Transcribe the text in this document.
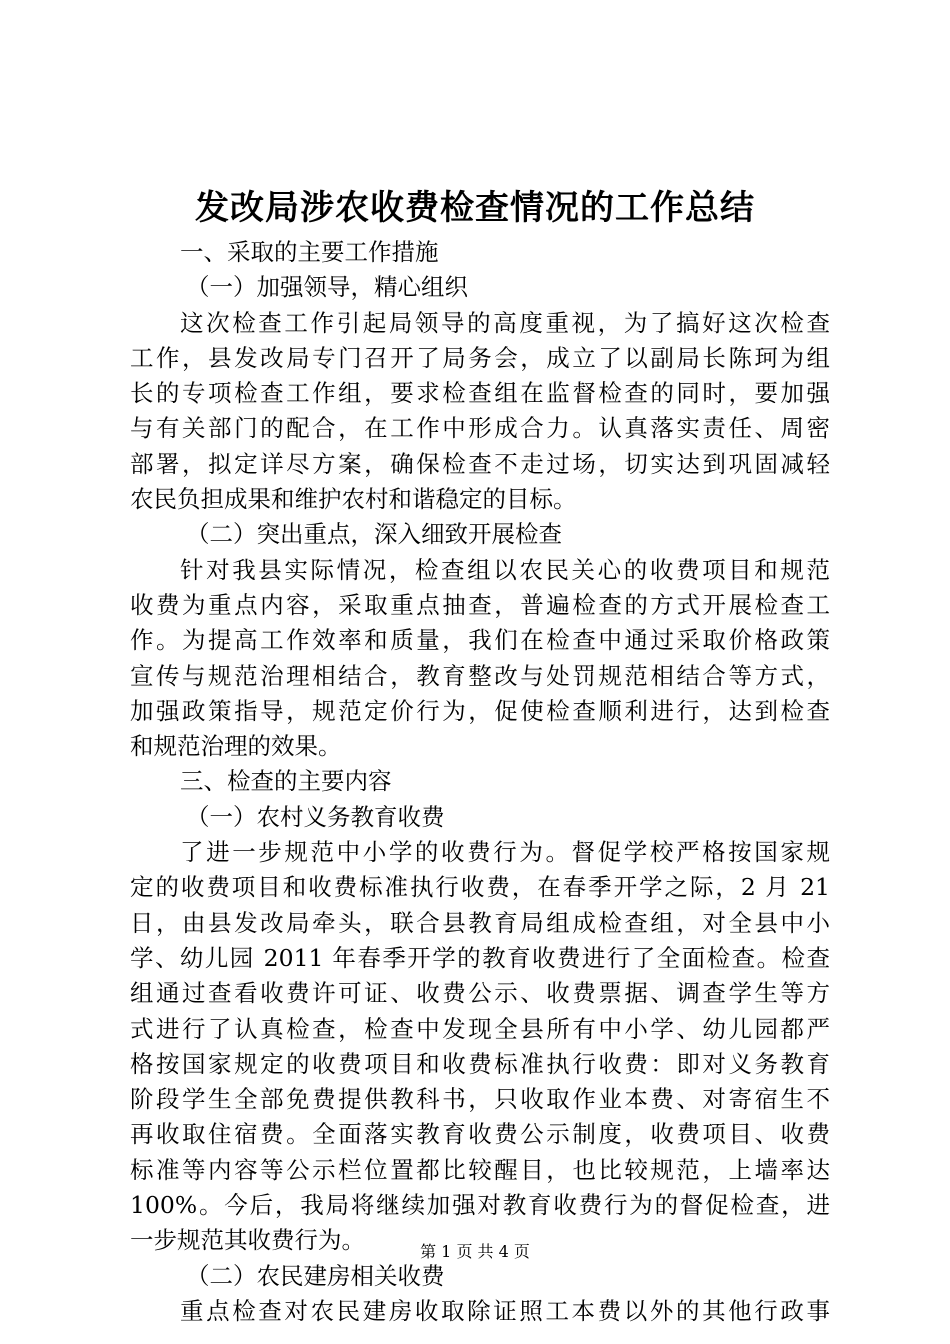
发改局涉农收费检查情况的工作总结
一、采取的主要工作措施
（一）加强领导，精心组织
这次检查工作引起局领导的高度重视，为了搞好这次检查
工作，县发改局专门召开了局务会，成立了以副局长陈珂为组
长的专项检查工作组，要求检查组在监督检查的同时，要加强
与有关部门的配合，在工作中形成合力。认真落实责任、周密
部署，拟定详尽方案，确保检查不走过场，切实达到巩固减轻
农民负担成果和维护农村和谐稳定的目标。
（二）突出重点，深入细致开展检查
针对我县实际情况，检查组以农民关心的收费项目和规范
收费为重点内容，采取重点抽查，普遍检查的方式开展检查工
作。为提高工作效率和质量，我们在检查中通过采取价格政策
宣传与规范治理相结合，教育整改与处罚规范相结合等方式，
加强政策指导，规范定价行为，促使检查顺利进行，达到检查
和规范治理的效果。
三、检查的主要内容
（一）农村义务教育收费
了进一步规范中小学的收费行为。督促学校严格按国家规
定的收费项目和收费标准执行收费，在春季开学之际，2 月 21
日，由县发改局牵头，联合县教育局组成检查组，对全县中小
学、幼儿园 2011 年春季开学的教育收费进行了全面检查。检查
组通过查看收费许可证、收费公示、收费票据、调查学生等方
式进行了认真检查，检查中发现全县所有中小学、幼儿园都严
格按国家规定的收费项目和收费标准执行收费：即对义务教育
阶段学生全部免费提供教科书，只收取作业本费、对寄宿生不
再收取住宿费。全面落实教育收费公示制度，收费项目、收费
标准等内容等公示栏位置都比较醒目，也比较规范，上墙率达
100%。今后，我局将继续加强对教育收费行为的督促检查，进
一步规范其收费行为。
（二）农民建房相关收费
重点检查对农民建房收取除证照工本费以外的其他行政事
第 1 页 共 4 页
